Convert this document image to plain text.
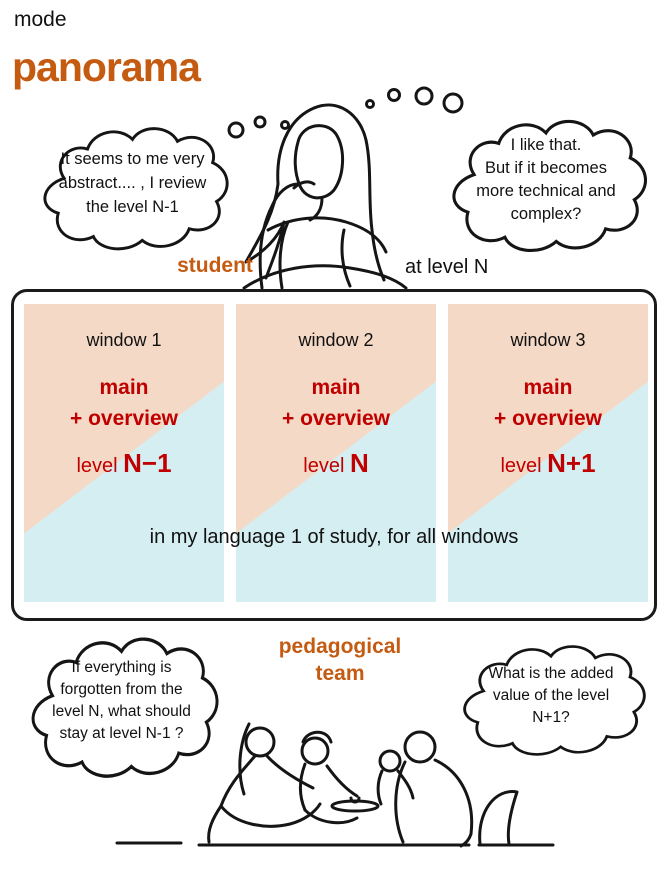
mode
panorama
It seems to me very
abstract.... , I review
the level N-1
I like that.
But if it becomes
more technical and
complex?
student	at level N
window 1
main
+ overview
level N−1
window 2
main
+ overview
level N
window 3
main
+ overview
level N+1
in my language 1 of study, for all windows
pedagogical
team
If everything is
forgotten from the
level N, what should
stay at level N-1 ?
What is the added
value of the level
N+1?
